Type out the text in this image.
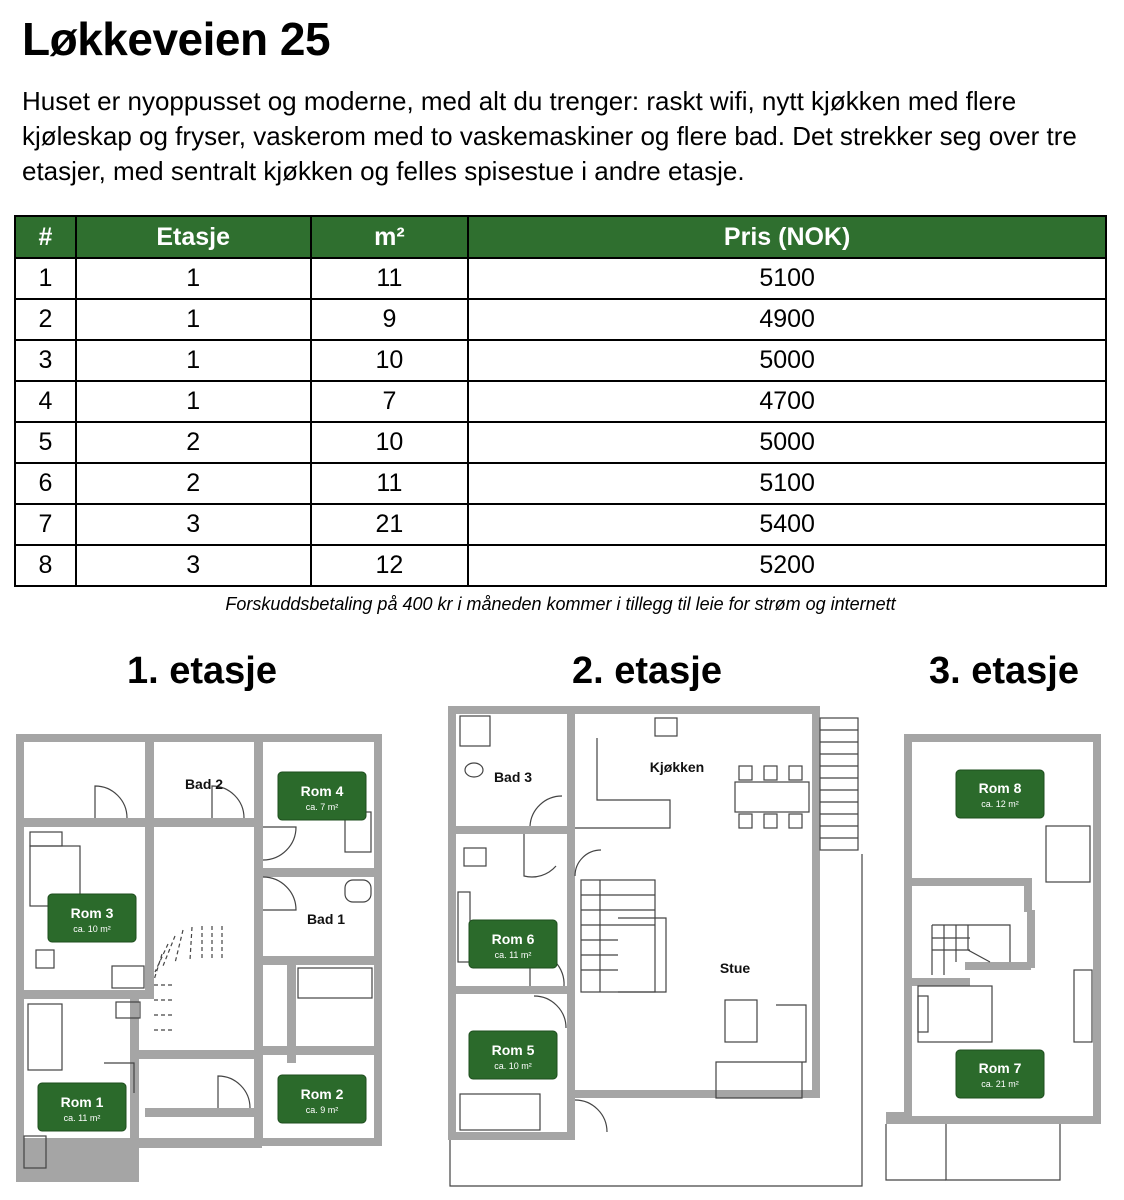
Løkkeveien 25

Huset er nyoppusset og moderne, med alt du trenger: raskt wifi, nytt kjøkken med flere kjøleskap og fryser, vaskerom med to vaskemaskiner og flere bad. Det strekker seg over tre etasjer, med sentralt kjøkken og felles spisestue i andre etasje.

#	Etasje	m²	Pris (NOK)
1	1	11	5100
2	1	9	4900
3	1	10	5000
4	1	7	4700
5	2	10	5000
6	2	11	5100
7	3	21	5400
8	3	12	5200

Forskuddsbetaling på 400 kr i måneden kommer i tillegg til leie for strøm og internett

1. etasje	2. etasje	3. etasje
Bad 2
Bad 1
Rom 4
ca. 7 m²
Rom 3
ca. 10 m²
Rom 1
ca. 11 m²
Rom 2
ca. 9 m²
Bad 3
Kjøkken
Stue
Rom 6
ca. 11 m²
Rom 5
ca. 10 m²
Rom 8
ca. 12 m²
Rom 7
ca. 21 m²
